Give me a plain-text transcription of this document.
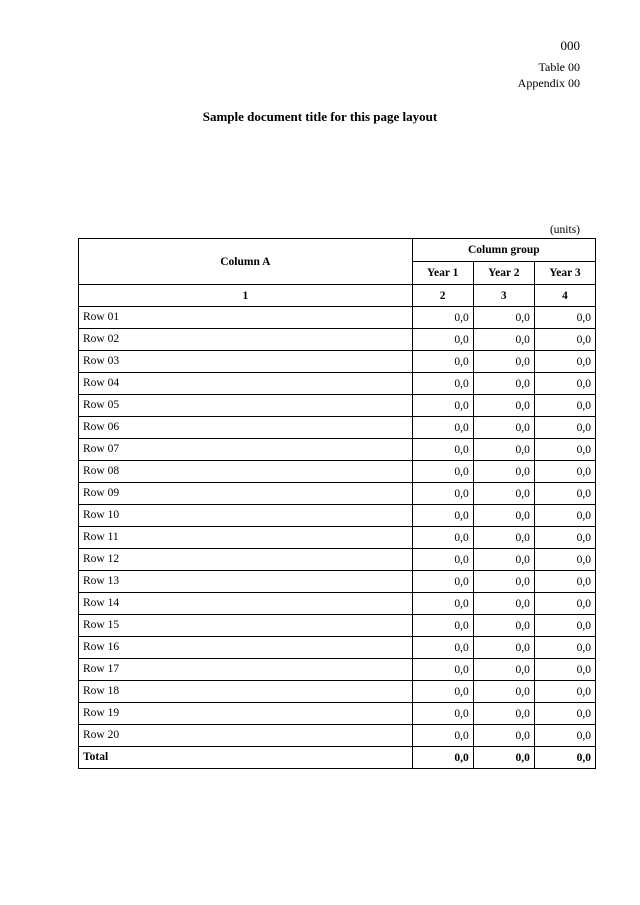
000
Table 00
Appendix 00
Sample document title for this page layout
(units)
Column A	Column group		
	Year 1	Year 2	Year 3
1	2	3	4
Row 01	0,0	0,0	0,0
Row 02	0,0	0,0	0,0
Row 03	0,0	0,0	0,0
Row 04	0,0	0,0	0,0
Row 05	0,0	0,0	0,0
Row 06	0,0	0,0	0,0
Row 07	0,0	0,0	0,0
Row 08	0,0	0,0	0,0
Row 09	0,0	0,0	0,0
Row 10	0,0	0,0	0,0
Row 11	0,0	0,0	0,0
Row 12	0,0	0,0	0,0
Row 13	0,0	0,0	0,0
Row 14	0,0	0,0	0,0
Row 15	0,0	0,0	0,0
Row 16	0,0	0,0	0,0
Row 17	0,0	0,0	0,0
Row 18	0,0	0,0	0,0
Row 19	0,0	0,0	0,0
Row 20	0,0	0,0	0,0
Total	0,0	0,0	0,0
